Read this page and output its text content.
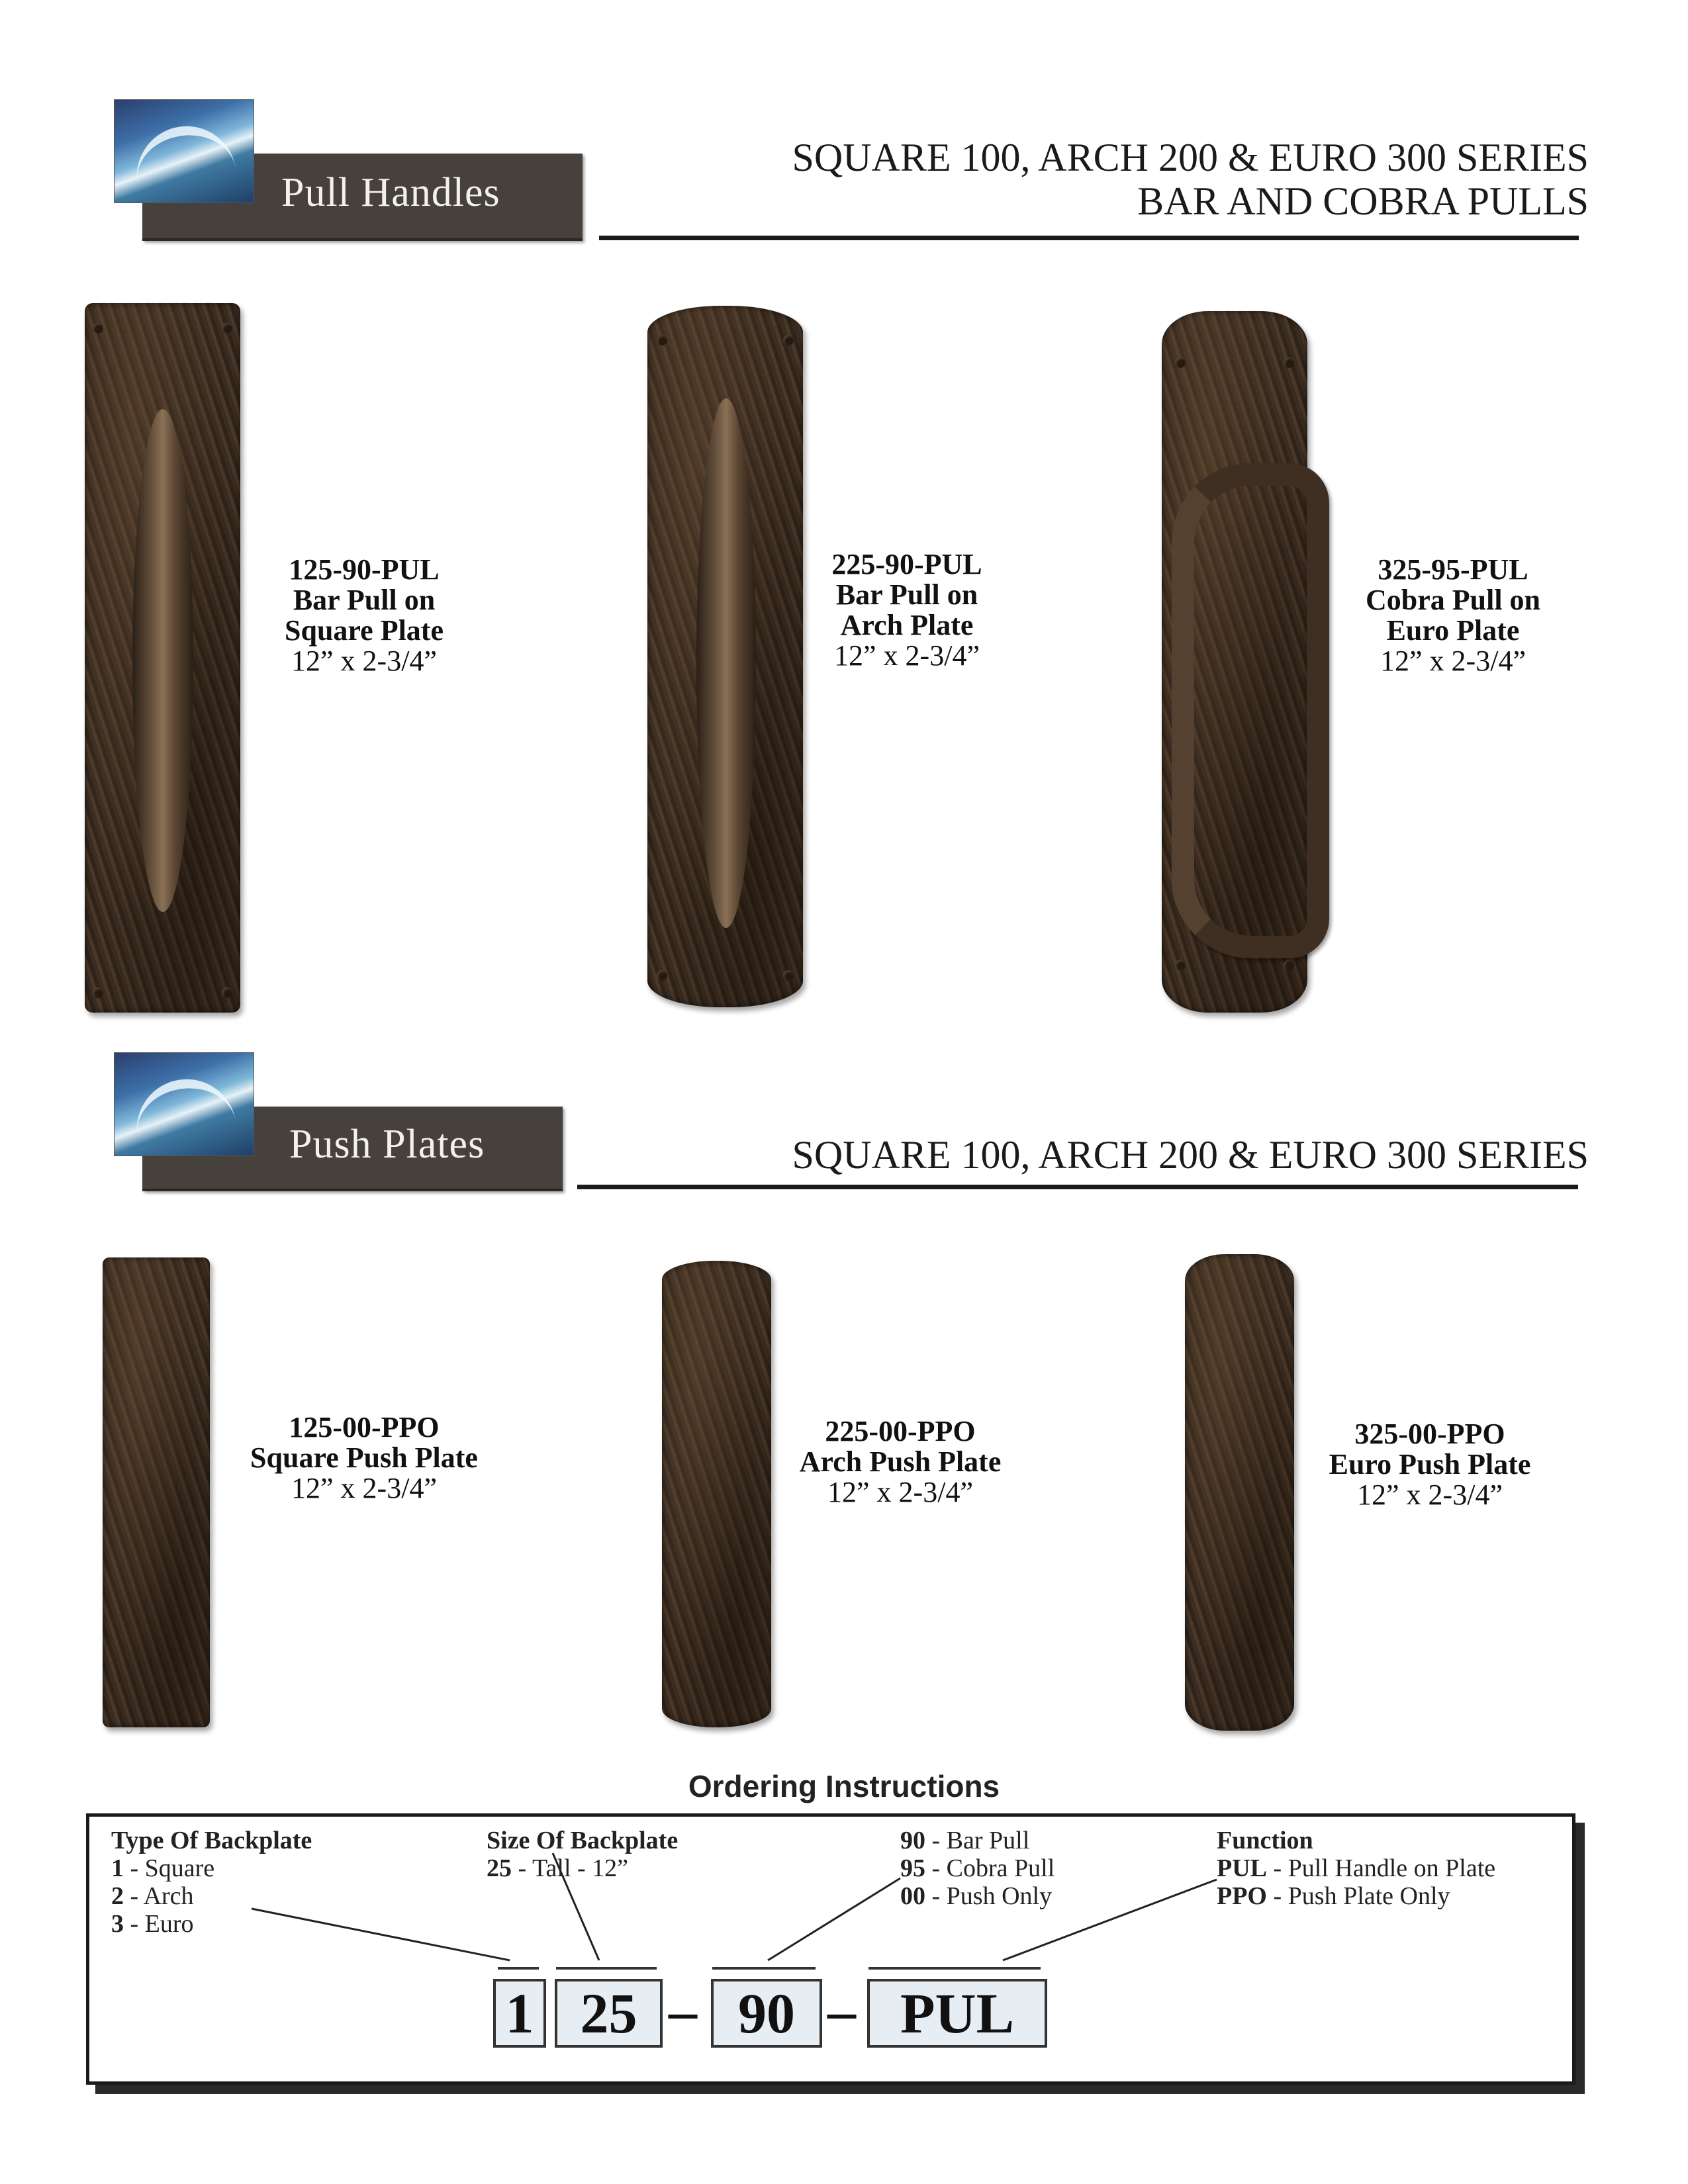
Pull Handles
SQUARE 100, ARCH 200 & EURO 300 SERIES
BAR AND COBRA PULLS
125-90-PUL
Bar Pull on
Square Plate
12” x 2-3/4”
225-90-PUL
Bar Pull on
Arch Plate
12” x 2-3/4”
325-95-PUL
Cobra Pull on
Euro Plate
12” x 2-3/4”
Push Plates	SQUARE 100, ARCH 200 & EURO 300 SERIES
125-00-PPO
Square Push Plate
12” x 2-3/4”
225-00-PPO
Arch Push Plate
12” x 2-3/4”
325-00-PPO
Euro Push Plate
12” x 2-3/4”
Ordering Instructions
Type Of Backplate
1 - Square
2 - Arch
3 - Euro
Size Of Backplate
25 - Tall - 12”
90 - Bar Pull
95 - Cobra Pull
00 - Push Only
Function
PUL - Pull Handle on Plate
PPO - Push Plate Only
1 25 – 90 – PUL
